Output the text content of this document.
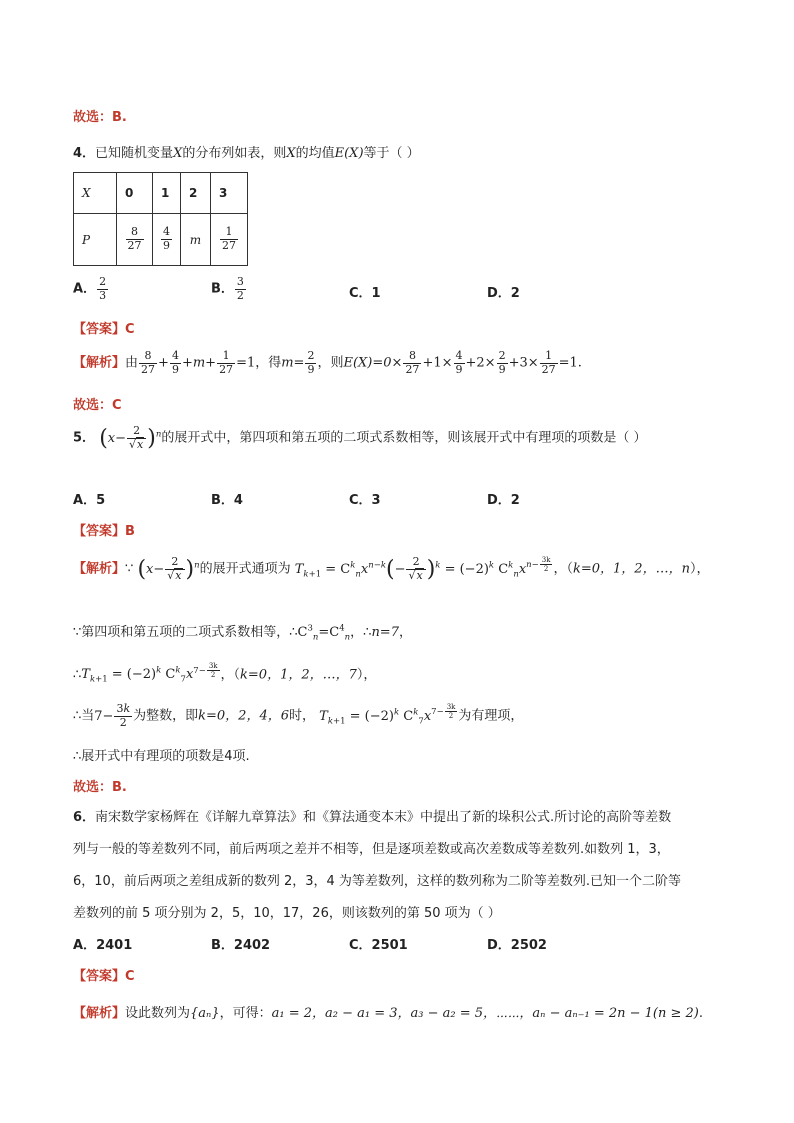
故选：B.
4．已知随机变量X的分布列如表，则X的均值E(X)等于（ ）
X	0	1	2	3
P	$\frac{8}{27}$	$\frac{4}{9}$	m	$\frac{1}{27}$
A． $\frac{2}{3}$	B． $\frac{3}{2}$	C．1	D．2
【答案】C
【解析】由 $\frac{8}{27} + \frac{4}{9} +m+ \frac{1}{27} =1$，得$m= \frac{2}{9}$ ，则$E(X)=0\times \frac{8}{27} +1\times \frac{4}{9} +2\times \frac{2}{9} +3\times \frac{1}{27} =1$.
故选：C
5． $(x- \frac{2}{√x} )^n$的展开式中，第四项和第五项的二项式系数相等，则该展开式中有理项的项数是（ ）
A．5	B．4	C．3	D．2
【答案】B
【解析】∵ $(x- \frac{2}{√x} )^n$的展开式通项为 $T_{k+1} = C^k_nx^{n-k}(- \frac{2}{√x} )^k = (-2)^k$ $C^k_nx^{n- \frac{3k}{2}}$ ，（k=0，1，2，…，n），
∵第四项和第五项的二项式系数相等，$\therefore C^3_n=C^4_n$，∴n=7，
$\therefore T_{k+1} = (-2)^k$ $C^k_7x^{7- \frac{3k}{2}}$ ，（k=0，1，2，…，7），
∴当$7- \frac{3k}{2}$ 为整数，即k=0，2，4，6时， $T_{k+1} = (-2)^k$ $C^k_7x^{7- \frac{3k}{2}}$ 为有理项，
∴展开式中有理项的项数是4项.
故选：B.
6．南宋数学家杨辉在《详解九章算法》和《算法通变本末》中提出了新的垛积公式.所讨论的高阶等差数
列与一般的等差数列不同，前后两项之差并不相等，但是逐项差数或高次差数成等差数列.如数列 1，3，
6，10，前后两项之差组成新的数列 2，3，4 为等差数列，这样的数列称为二阶等差数列.已知一个二阶等
差数列的前 5 项分别为 2，5，10，17，26，则该数列的第 50 项为（ ）
A．2401	B．2402	C．2501	D．2502
【答案】C
【解析】设此数列为{aₙ}，可得：a₁ = 2，a₂ − a₁ = 3，a₃ − a₂ = 5，⋯⋯，aₙ − aₙ₋₁ = 2n − 1(n ≥ 2).
